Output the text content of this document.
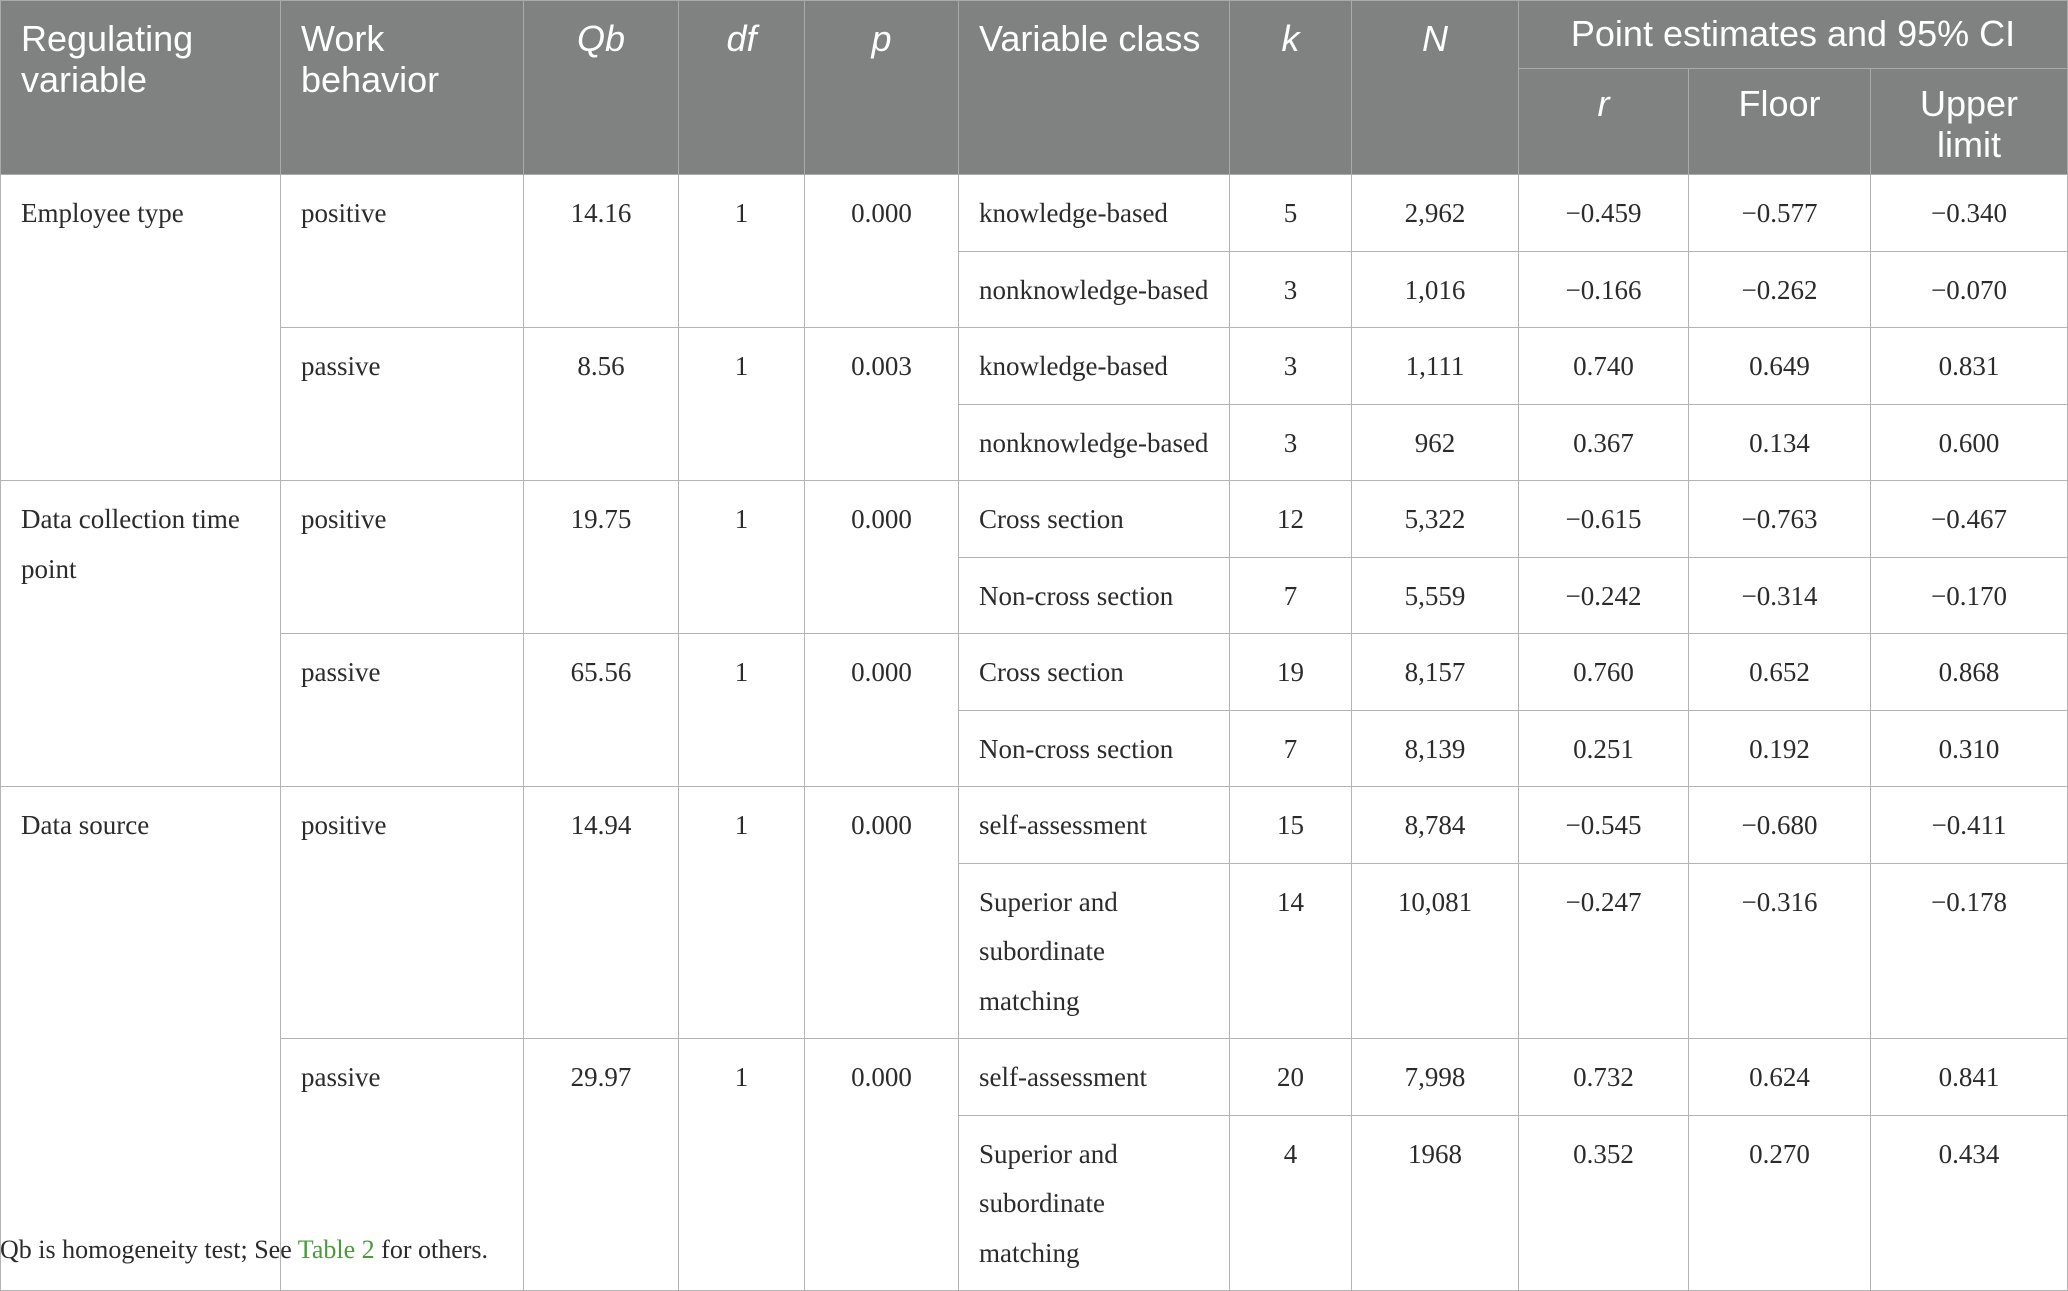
Regulating variable	Work behavior	Qb	df	p	Variable class	k	N	Point estimates and 95% CI		
								r	Floor	Upper limit
Employee type	positive	14.16	1	0.000	knowledge-based	5	2,962	−0.459	−0.577	−0.340
					nonknowledge-based	3	1,016	−0.166	−0.262	−0.070
	passive	8.56	1	0.003	knowledge-based	3	1,111	0.740	0.649	0.831
					nonknowledge-based	3	962	0.367	0.134	0.600
Data collection time point	positive	19.75	1	0.000	Cross section	12	5,322	−0.615	−0.763	−0.467
					Non-cross section	7	5,559	−0.242	−0.314	−0.170
	passive	65.56	1	0.000	Cross section	19	8,157	0.760	0.652	0.868
					Non-cross section	7	8,139	0.251	0.192	0.310
Data source	positive	14.94	1	0.000	self-assessment	15	8,784	−0.545	−0.680	−0.411
					Superior and subordinate matching	14	10,081	−0.247	−0.316	−0.178
	passive	29.97	1	0.000	self-assessment	20	7,998	0.732	0.624	0.841
					Superior and subordinate matching	4	1968	0.352	0.270	0.434
Qb is homogeneity test; See Table 2 for others.
